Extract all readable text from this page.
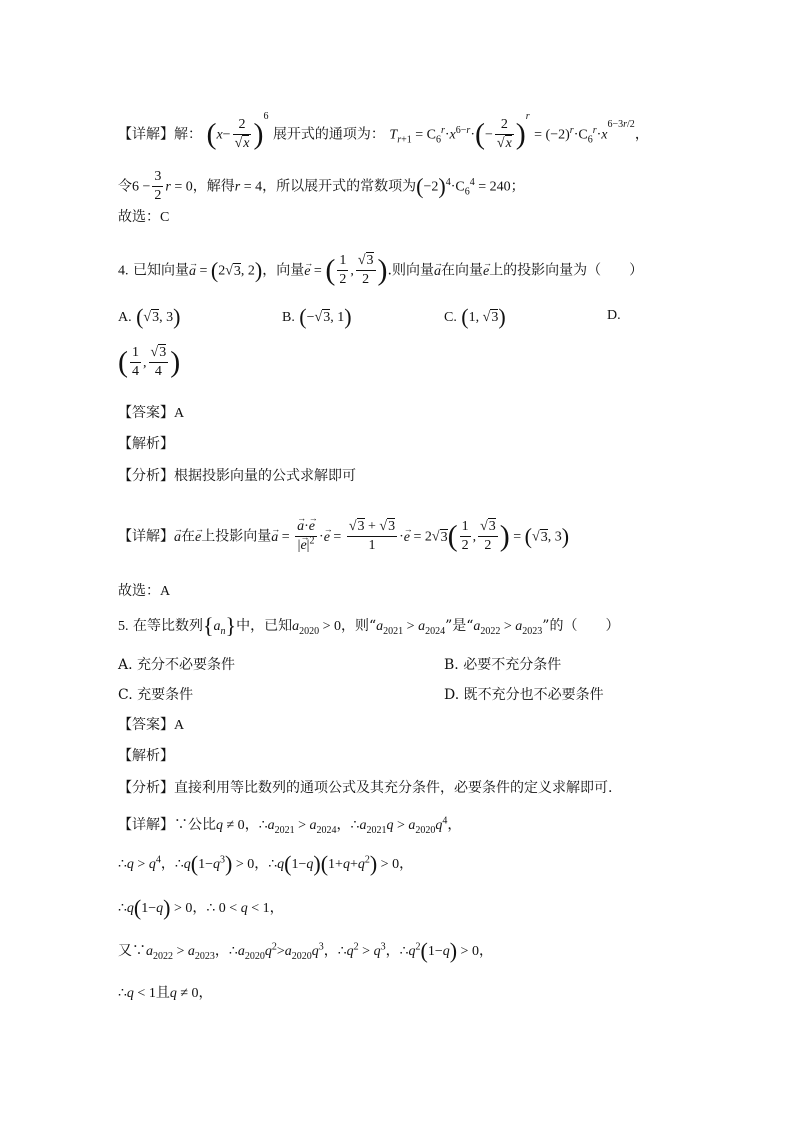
【详解】解： $(x- \frac{2}{√x} )^6$ 展开式的通项为： $T_{r+1} = C_6^r\cdot x^{6-r}\cdot(- \frac{2}{√x} )^r = (-2)^r\cdot C_6^r\cdot x^{6-3r/2}$，
令$6 - \frac{3}{2}$ r = 0，解得r = 4，所以展开式的常数项为$(-2)^4\cdot C_6^4 = 240$；
故选：C
4. 已知向量→ a = (2√3, 2)，向量→ e = ( $\frac{1}{2}$ , $\frac{√3}{2}$ ).则向量→ a在向量→ e上的投影向量为（　　）
A. (√3, 3)	B. (−√3, 1)	C. (1, √3)	D.
( $\frac{1}{4}$ , $\frac{√3}{4}$ )
【答案】A
【解析】
【分析】根据投影向量的公式求解即可
【详解】→ a在→ e上投影向量→ a =
→ $\frac{a\cdot\to e}{|\to e|^2} \cdot\to e = \frac{√3 + √3}{1} \cdot\to e = 2√3( \frac{1}{2}$ , $\frac{√3}{2}$ ) = (√3, 3)
故选：A
5. 在等比数列$\{a_n\}$中，已知$a_{2020} > 0$，则“$a_{2021} > a_{2024}$”是“$a_{2022} > a_{2023}$”的（　　）
A. 充分不必要条件	B. 必要不充分条件
C. 充要条件	D. 既不充分也不必要条件
【答案】A
【解析】
【分析】直接利用等比数列的通项公式及其充分条件，必要条件的定义求解即可.
【详解】∵公比q ≠ 0，$\therefore a_{2021} > a_{2024}$，$\therefore a_{2021}q > a_{2020}q^4$，
∴q > $q^4$，$\therefore q(1-q^3) > 0$，$\therefore q(1-q)(1+q+q^2) > 0$，
∴q(1−q) > 0，∴ 0 < q < 1，
又$\because a_{2022} > a_{2023}$，$\therefore a_{2020}q^2>a_{2020}q^3$，$\therefore q^2 > q^3$，$\therefore q^2(1-q) > 0$，
∴q < 1且q ≠ 0，
